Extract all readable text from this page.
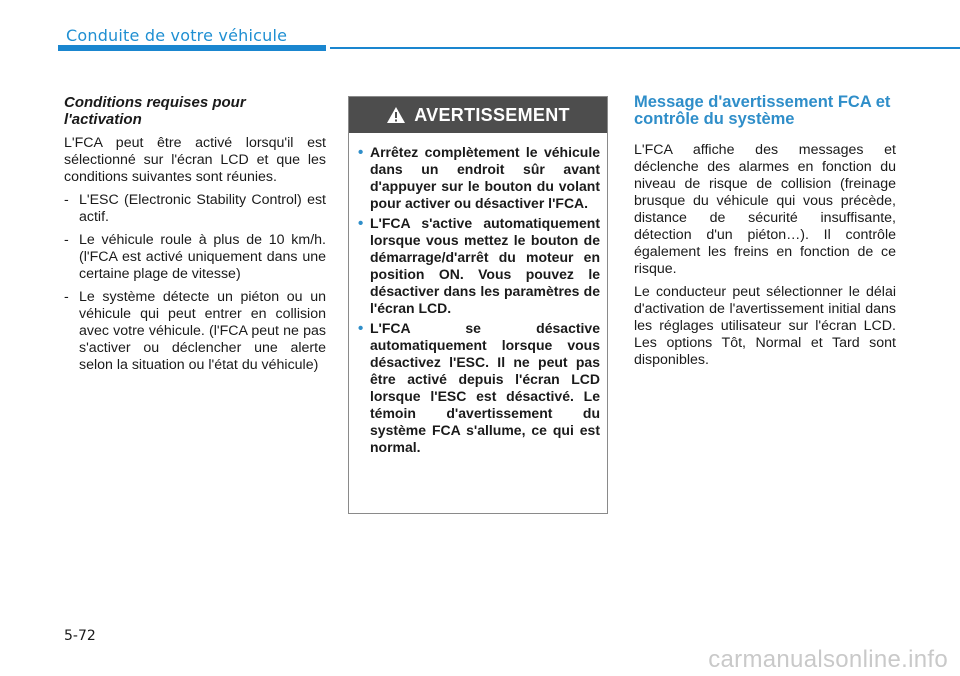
Conduite de votre véhicule
Conditions requises pour l'activation

L'FCA peut être activé lorsqu'il est sélectionné sur l'écran LCD et que les conditions suivantes sont réunies.

- L'ESC (Electronic Stability Control) est actif.
- Le véhicule roule à plus de 10 km/h. (l'FCA est activé uniquement dans une certaine plage de vitesse)
- Le système détecte un piéton ou un véhicule qui peut entrer en collision avec votre véhicule. (l'FCA peut ne pas s'activer ou déclencher une alerte selon la situation ou l'état du véhicule)
AVERTISSEMENT
• Arrêtez complètement le véhicule dans un endroit sûr avant d'appuyer sur le bouton du volant pour activer ou désactiver l'FCA.
• L'FCA s'active automatiquement lorsque vous mettez le bouton de démarrage/d'arrêt du moteur en position ON. Vous pouvez le désactiver dans les paramètres de l'écran LCD.
• L'FCA se désactive automatiquement lorsque vous désactivez l'ESC. Il ne peut pas être activé depuis l'écran LCD lorsque l'ESC est désactivé. Le témoin d'avertissement du système FCA s'allume, ce qui est normal.
Message d'avertissement FCA et contrôle du système

L'FCA affiche des messages et déclenche des alarmes en fonction du niveau de risque de collision (freinage brusque du véhicule qui vous précède, distance de sécurité insuffisante, détection d'un piéton…). Il contrôle également les freins en fonction de ce risque.

Le conducteur peut sélectionner le délai d'activation de l'avertissement initial dans les réglages utilisateur sur l'écran LCD. Les options Tôt, Normal et Tard sont disponibles.

5-72
carmanualsonline.info
